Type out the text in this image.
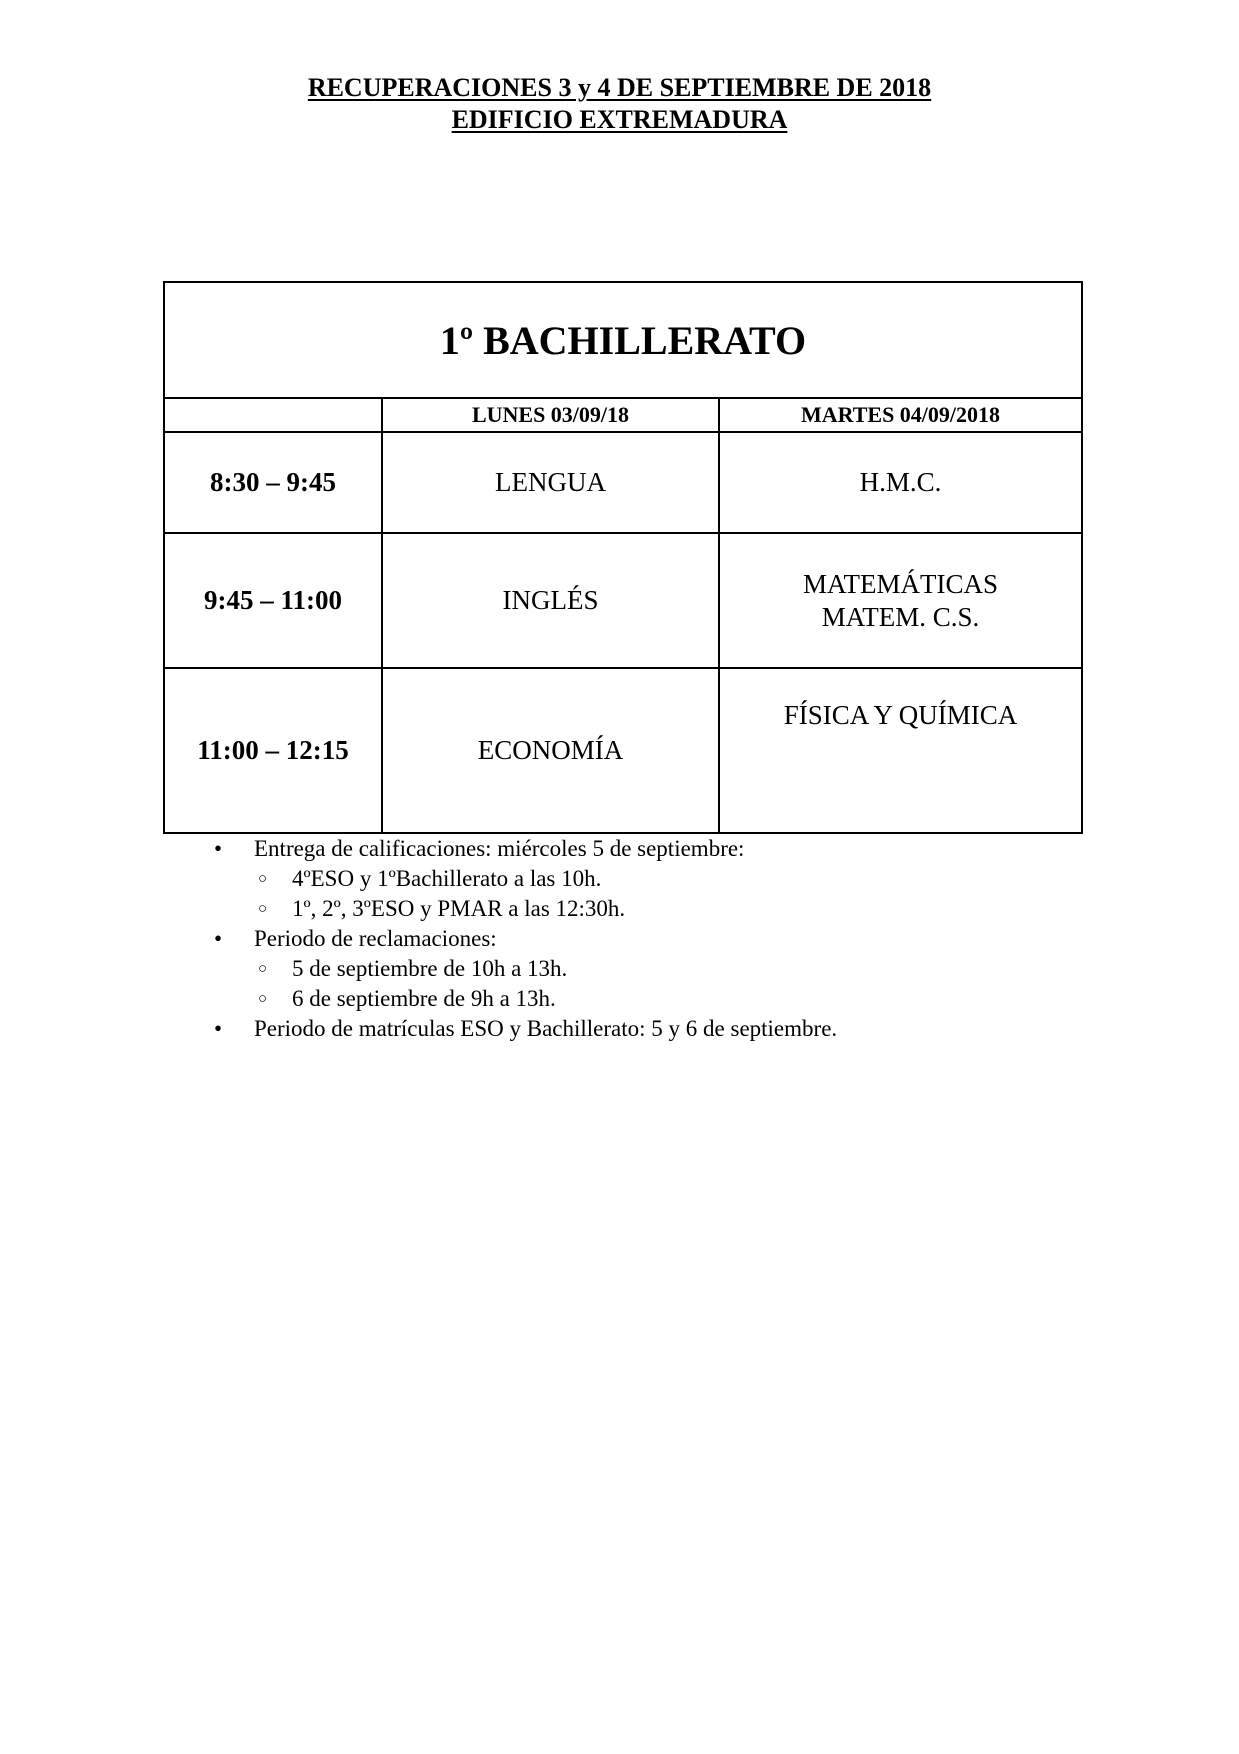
RECUPERACIONES 3 y 4 DE SEPTIEMBRE DE 2018
EDIFICIO EXTREMADURA
1º BACHILLERATO		
	LUNES 03/09/18	MARTES 04/09/2018
8:30 – 9:45	LENGUA	H.M.C.

9:45 – 11:00	INGLÉS	MATEMÁTICAS
MATEM. C.S.

11:00 – 12:15	ECONOMÍA	FÍSICA Y QUÍMICA
• Entrega de calificaciones: miércoles 5 de septiembre:
○ 4ºESO y 1ºBachillerato a las 10h.
○ 1º, 2º, 3ºESO y PMAR a las 12:30h.
• Periodo de reclamaciones:
○ 5 de septiembre de 10h a 13h.
○ 6 de septiembre de 9h a 13h.
• Periodo de matrículas ESO y Bachillerato: 5 y 6 de septiembre.
